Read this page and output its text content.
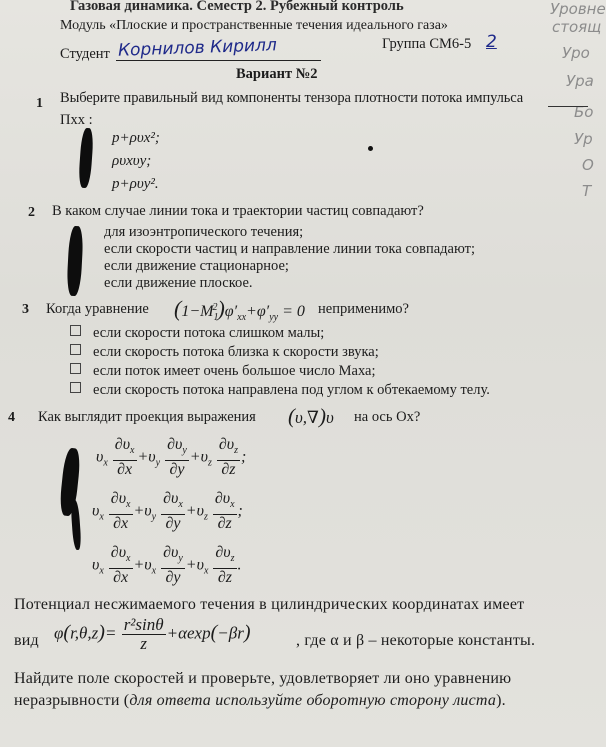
Газовая динамика. Семестр 2. Рубежный контроль
Модуль «Плоские и пространственные течения идеального газа»
Студент Корнилов Кирилл	Группа СМ6-5 2
Вариант №2
Уровне
стоящ
Уро
Ура
Бо
Ур
О
Т
1 Выберите правильный вид компоненты тензора плотности потока импульса
Пxx :
p+ρυx²;
ρυxυy;
p+ρυy².
2 В каком случае линии тока и траектории частиц совпадают?
для изоэнтропического течения;
если скорости частиц и направление линии тока совпадают;
если движение стационарное;
если движение плоское.
3 Когда уравнение $(1-M_1^2)\varphi'_{xx}+\varphi'_{yy} = 0$ неприменимо?
если скорости потока слишком малы;
если скорость потока близка к скорости звука;
если поток имеет очень большое число Маха;
если скорость потока направлена под углом к обтекаемому телу.
4 Как выглядит проекция выражения (υ,∇)υ на ось Ox?
$\upsilon_x \frac{\partial\upsilon_x}{\partial x} +\upsilon_y \frac{\partial\upsilon_y}{\partial y} +\upsilon_z \frac{\partial\upsilon_z}{\partial z}$ ;
$\upsilon_x \frac{\partial\upsilon_x}{\partial x} +\upsilon_y \frac{\partial\upsilon_x}{\partial y} +\upsilon_z \frac{\partial\upsilon_x}{\partial z}$ ;
$\upsilon_x \frac{\partial\upsilon_x}{\partial x} +\upsilon_x \frac{\partial\upsilon_y}{\partial y} +\upsilon_x \frac{\partial\upsilon_z}{\partial z}$ .
Потенциал несжимаемого течения в цилиндрических координатах имеет
вид $\varphi(r,\theta,z)= \frac{\text{r²sinθ}}{z} +\alpha\exp(-\beta r)$	, где α и β – некоторые константы.
Найдите поле скоростей и проверьте, удовлетворяет ли оно уравнению
неразрывности (для ответа используйте оборотную сторону листа).
